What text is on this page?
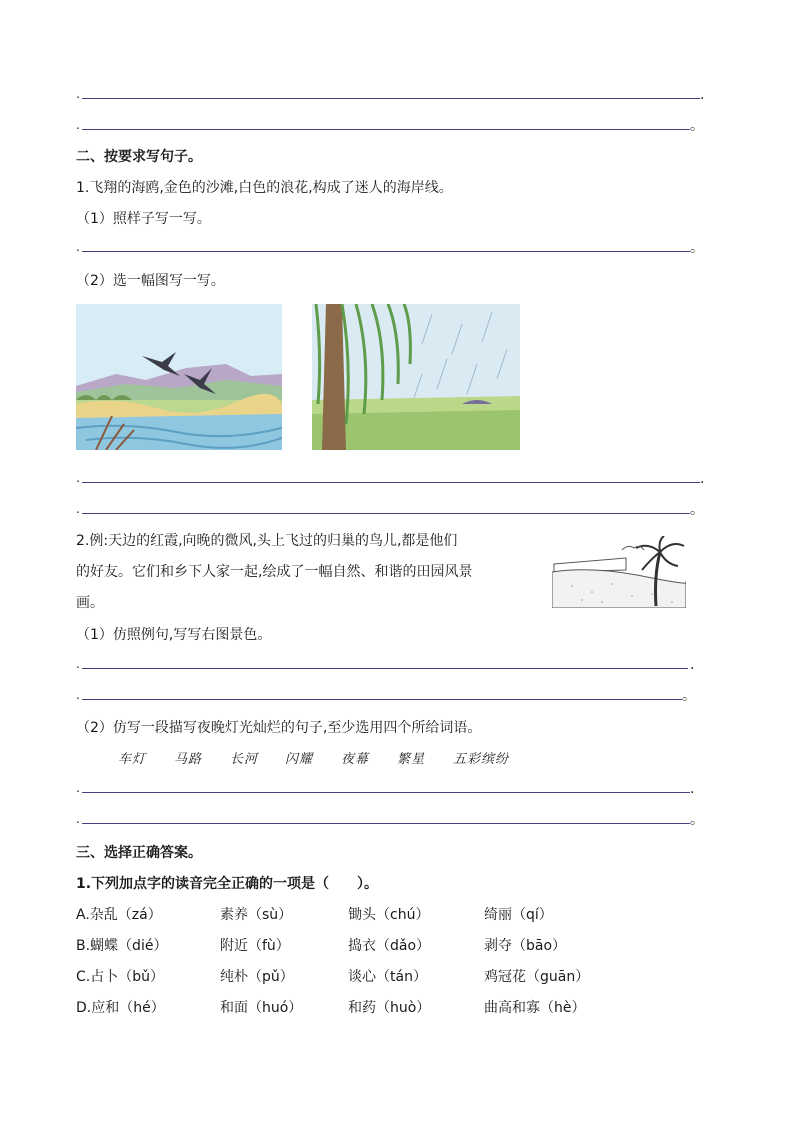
.	.
.	。
二、按要求写句子。
1.飞翔的海鸥,金色的沙滩,白色的浪花,构成了迷人的海岸线。
（1）照样子写一写。
.	。
（2）选一幅图写一写。
.	.
.	。
2.例:天边的红霞,向晚的微风,头上飞过的归巢的鸟儿,都是他们
的好友。它们和乡下人家一起,绘成了一幅自然、和谐的田园风景
画。
（1）仿照例句,写写右图景色。
.	.
.	。
（2）仿写一段描写夜晚灯光灿烂的句子,至少选用四个所给词语。
车灯 马路 长河 闪耀 夜幕 繁星 五彩缤纷
.	.
.	。
三、选择正确答案。
1.下列加点字的读音完全正确的一项是（　　）。
A.杂乱（zá）	素养（sù）	锄头（chú）	绮丽（qí）
B.蝴蝶（dié）	附近（fù）	捣衣（dǎo）	剥夺（bāo）
C.占卜（bǔ）	纯朴（pǔ）	谈心（tán）	鸡冠花（guān）
D.应和（hé）	和面（huó）	和药（huò）	曲高和寡（hè）
